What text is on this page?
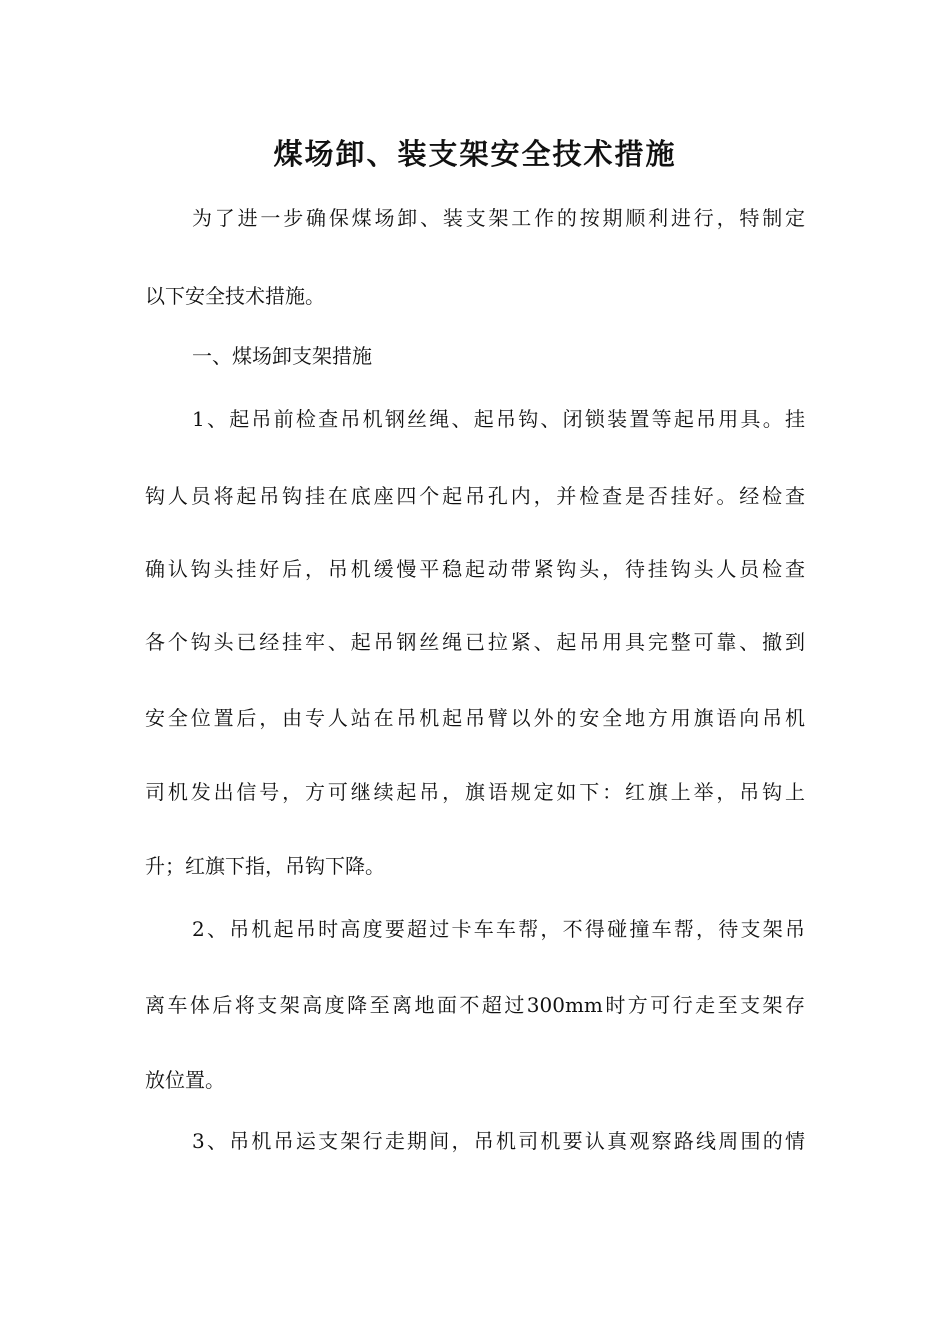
煤场卸、装支架安全技术措施

为了进一步确保煤场卸、装支架工作的按期顺利进行，特制定

以下安全技术措施。

一、煤场卸支架措施

1、起吊前检查吊机钢丝绳、起吊钩、闭锁装置等起吊用具。挂

钩人员将起吊钩挂在底座四个起吊孔内，并检查是否挂好。经检查

确认钩头挂好后，吊机缓慢平稳起动带紧钩头，待挂钩头人员检查

各个钩头已经挂牢、起吊钢丝绳已拉紧、起吊用具完整可靠、撤到

安全位置后，由专人站在吊机起吊臂以外的安全地方用旗语向吊机

司机发出信号，方可继续起吊，旗语规定如下：红旗上举，吊钩上

升；红旗下指，吊钩下降。

2、吊机起吊时高度要超过卡车车帮，不得碰撞车帮，待支架吊

离车体后将支架高度降至离地面不超过300mm时方可行走至支架存

放位置。

3、吊机吊运支架行走期间，吊机司机要认真观察路线周围的情
